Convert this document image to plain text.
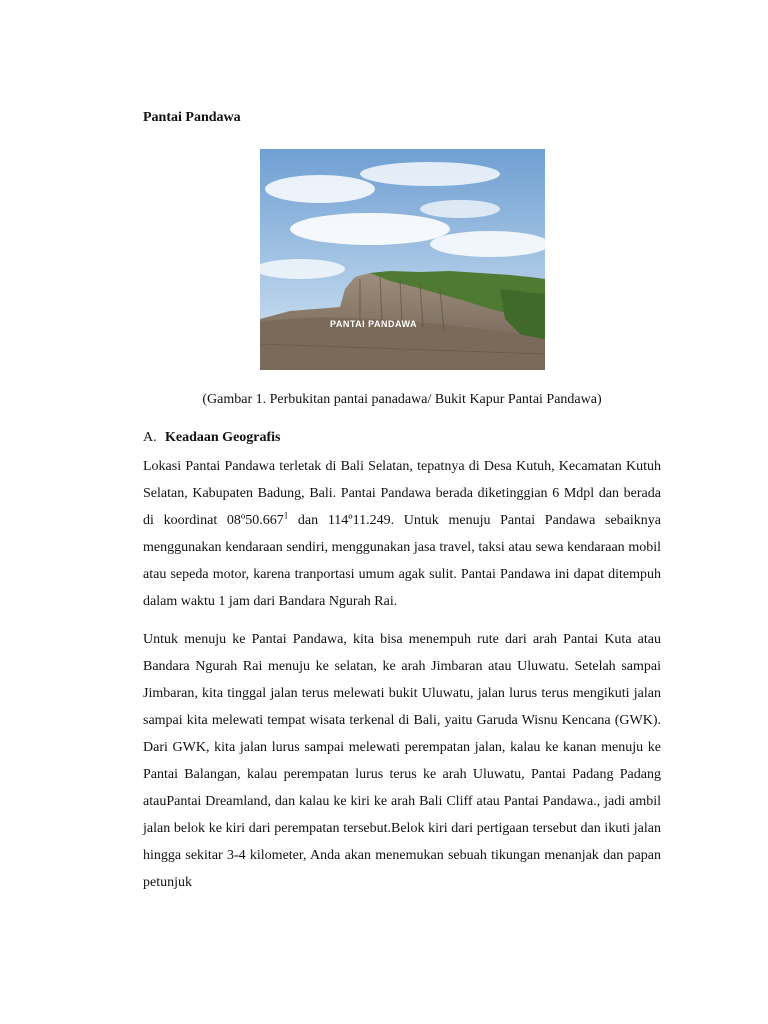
Pantai Pandawa
PANTAI PANDAWA

(Gambar 1. Perbukitan pantai panadawa/ Bukit Kapur Pantai Pandawa)

A. Keadaan Geografis

Lokasi Pantai Pandawa terletak di Bali Selatan, tepatnya di Desa Kutuh, Kecamatan Kutuh Selatan, Kabupaten Badung, Bali. Pantai Pandawa berada diketinggian 6 Mdpl dan berada di koordinat 08º50.667$^1$ dan 114º11.249. Untuk menuju Pantai Pandawa sebaiknya menggunakan kendaraan sendiri, menggunakan jasa travel, taksi atau sewa kendaraan mobil atau sepeda motor, karena tranportasi umum agak sulit. Pantai Pandawa ini dapat ditempuh dalam waktu 1 jam dari Bandara Ngurah Rai.

Untuk menuju ke Pantai Pandawa, kita bisa menempuh rute dari arah Pantai Kuta atau Bandara Ngurah Rai menuju ke selatan, ke arah Jimbaran atau Uluwatu. Setelah sampai Jimbaran, kita tinggal jalan terus melewati bukit Uluwatu, jalan lurus terus mengikuti jalan sampai kita melewati tempat wisata terkenal di Bali, yaitu Garuda Wisnu Kencana (GWK). Dari GWK, kita jalan lurus sampai melewati perempatan jalan, kalau ke kanan menuju ke Pantai Balangan, kalau perempatan lurus terus ke arah Uluwatu, Pantai Padang Padang atauPantai Dreamland, dan kalau ke kiri ke arah Bali Cliff atau Pantai Pandawa., jadi ambil jalan belok ke kiri dari perempatan tersebut.Belok kiri dari pertigaan tersebut dan ikuti jalan hingga sekitar 3-4 kilometer, Anda akan menemukan sebuah tikungan menanjak dan papan petunjuk
